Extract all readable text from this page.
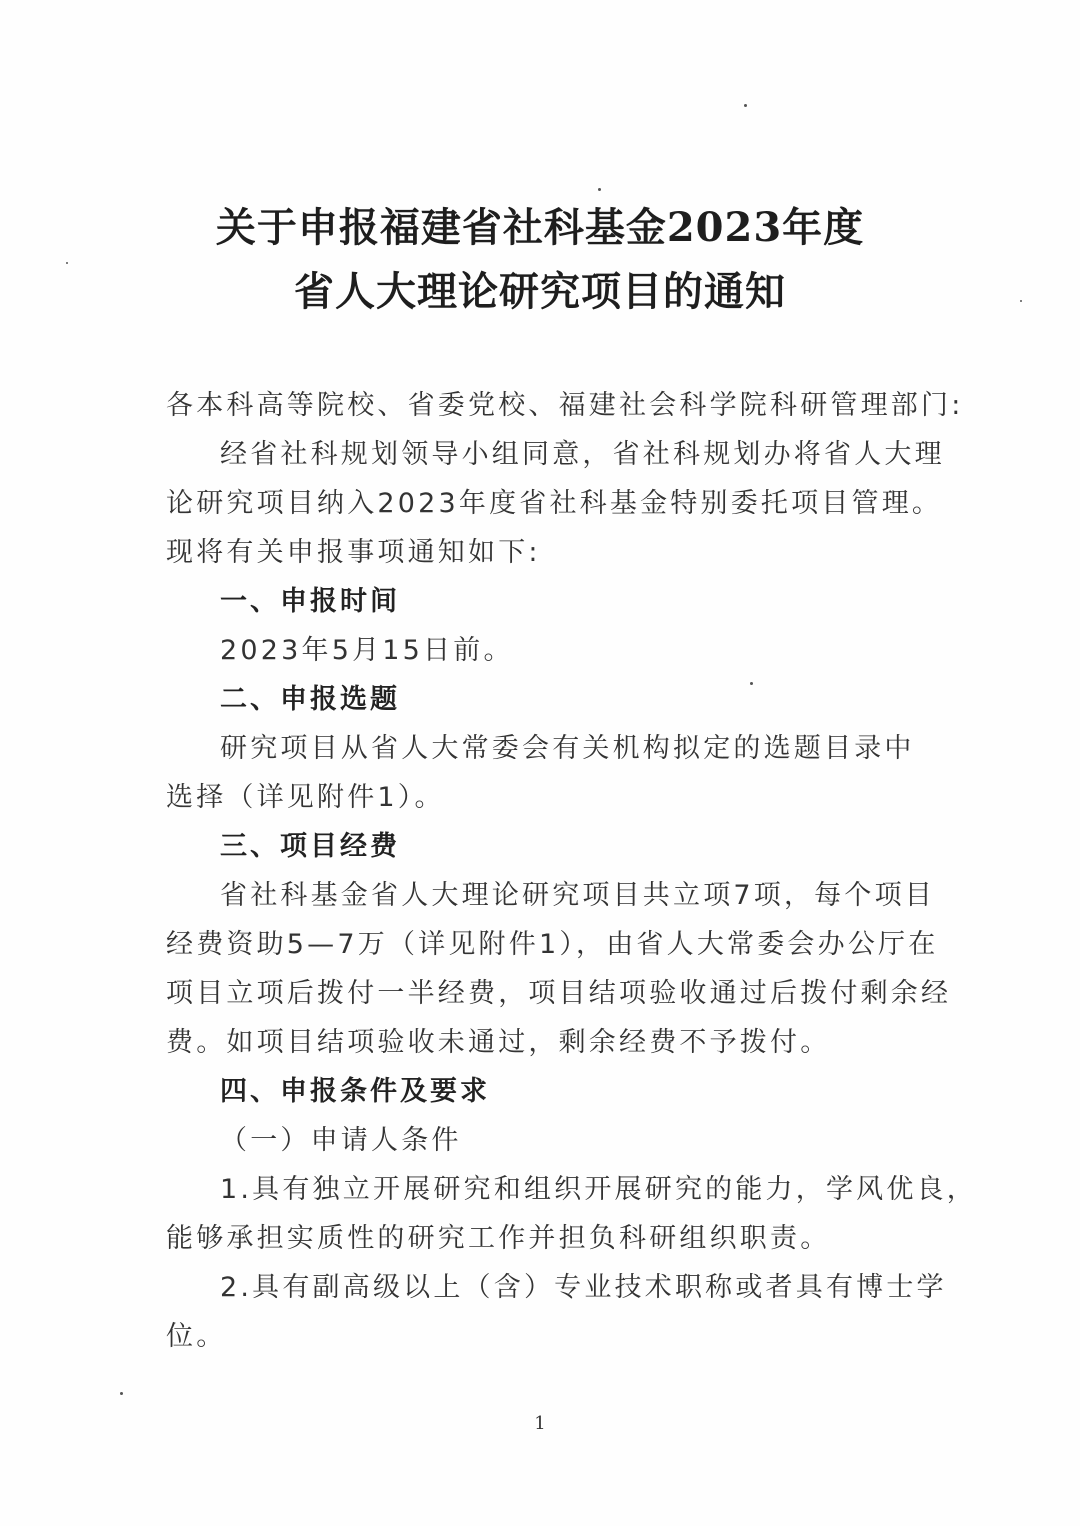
关于申报福建省社科基金2023年度
省人大理论研究项目的通知
各本科高等院校、省委党校、福建社会科学院科研管理部门:
经省社科规划领导小组同意，省社科规划办将省人大理
论研究项目纳入2023年度省社科基金特别委托项目管理。
现将有关申报事项通知如下:
一、申报时间
2023年5月15日前。
二、申报选题
研究项目从省人大常委会有关机构拟定的选题目录中
选择（详见附件1）。
三、项目经费
省社科基金省人大理论研究项目共立项7项，每个项目
经费资助5—7万（详见附件1），由省人大常委会办公厅在
项目立项后拨付一半经费，项目结项验收通过后拨付剩余经
费。如项目结项验收未通过，剩余经费不予拨付。
四、申报条件及要求
（一）申请人条件
1.具有独立开展研究和组织开展研究的能力，学风优良，
能够承担实质性的研究工作并担负科研组织职责。
2.具有副高级以上（含）专业技术职称或者具有博士学
位。
1
